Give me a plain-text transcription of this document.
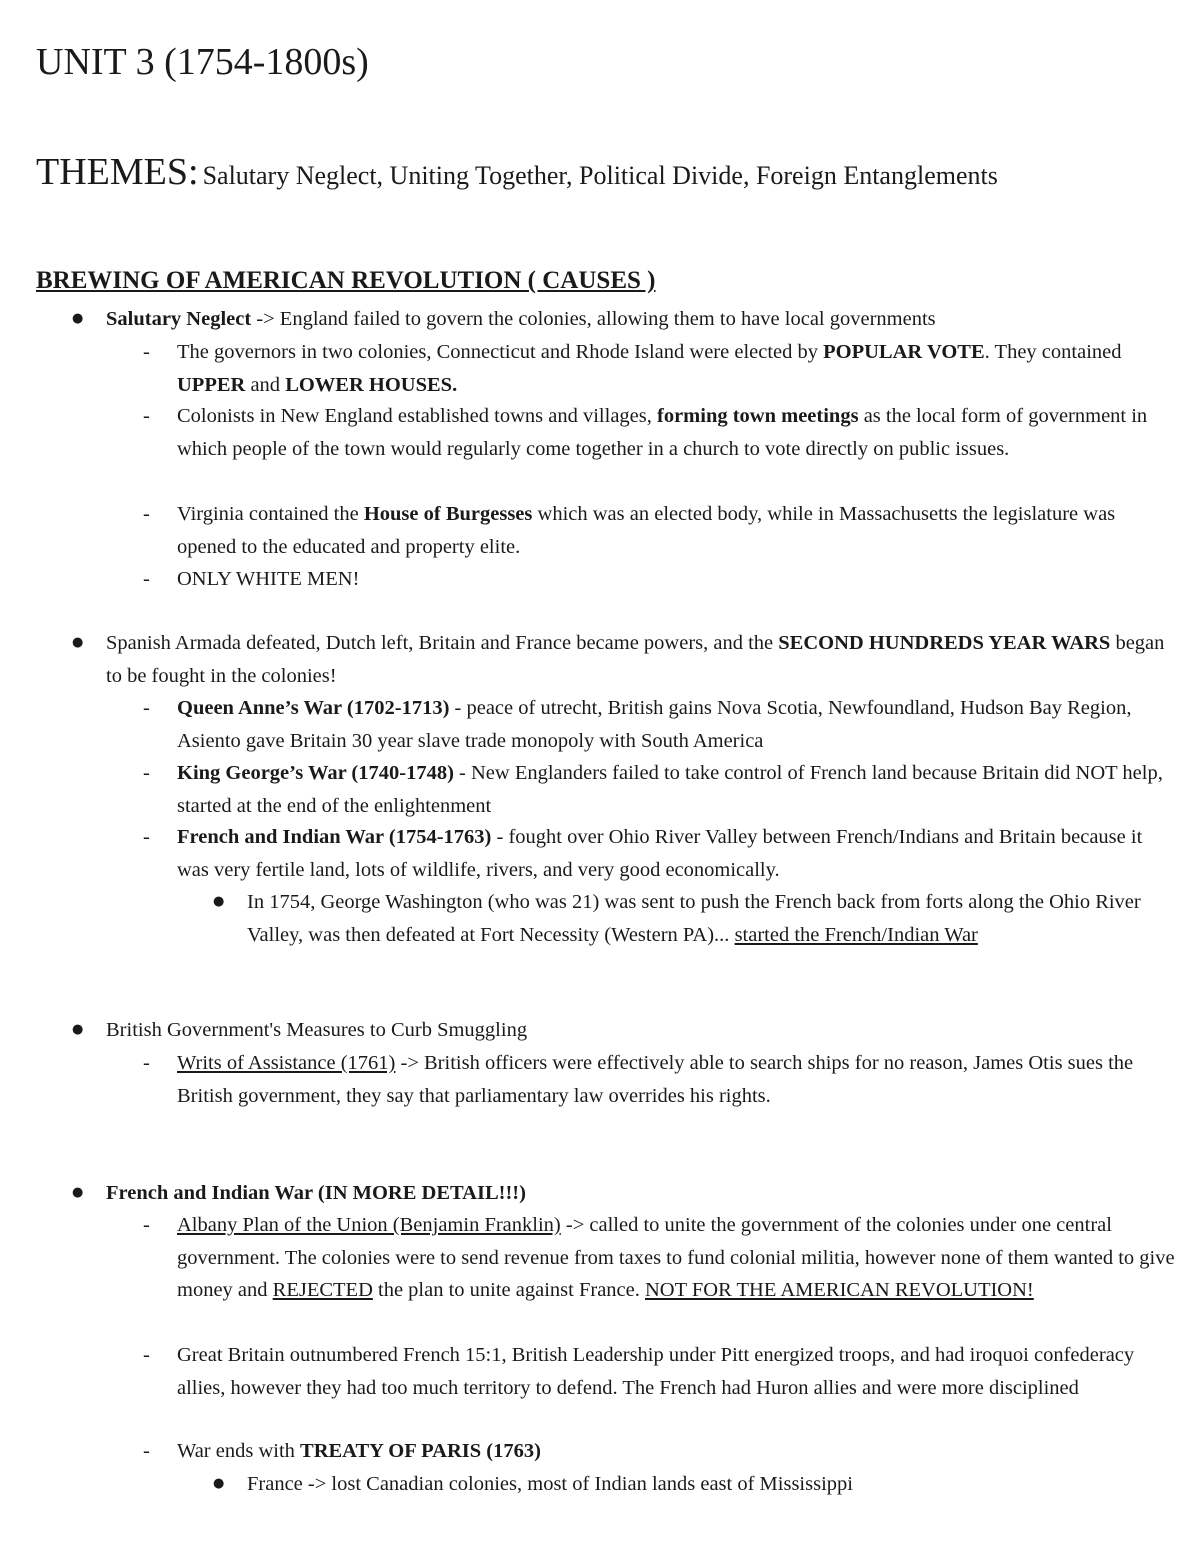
UNIT 3 (1754-1800s)
THEMES: Salutary Neglect, Uniting Together, Political Divide, Foreign Entanglements
BREWING OF AMERICAN REVOLUTION ( CAUSES )
● Salutary Neglect -> England failed to govern the colonies, allowing them to have local governments
- The governors in two colonies, Connecticut and Rhode Island were elected by POPULAR VOTE. They contained UPPER and LOWER HOUSES.
- Colonists in New England established towns and villages, forming town meetings as the local form of government in which people of the town would regularly come together in a church to vote directly on public issues.
- Virginia contained the House of Burgesses which was an elected body, while in Massachusetts the legislature was opened to the educated and property elite.
- ONLY WHITE MEN!
● Spanish Armada defeated, Dutch left, Britain and France became powers, and the SECOND HUNDREDS YEAR WARS began to be fought in the colonies!
- Queen Anne’s War (1702-1713) - peace of utrecht, British gains Nova Scotia, Newfoundland, Hudson Bay Region, Asiento gave Britain 30 year slave trade monopoly with South America
- King George’s War (1740-1748) - New Englanders failed to take control of French land because Britain did NOT help, started at the end of the enlightenment
- French and Indian War (1754-1763) - fought over Ohio River Valley between French/Indians and Britain because it was very fertile land, lots of wildlife, rivers, and very good economically.
● In 1754, George Washington (who was 21) was sent to push the French back from forts along the Ohio River Valley, was then defeated at Fort Necessity (Western PA)... started the French/Indian War
● British Government's Measures to Curb Smuggling
- Writs of Assistance (1761) -> British officers were effectively able to search ships for no reason, James Otis sues the British government, they say that parliamentary law overrides his rights.
● French and Indian War (IN MORE DETAIL!!!)
- Albany Plan of the Union (Benjamin Franklin) -> called to unite the government of the colonies under one central government. The colonies were to send revenue from taxes to fund colonial militia, however none of them wanted to give money and REJECTED the plan to unite against France. NOT FOR THE AMERICAN REVOLUTION!
- Great Britain outnumbered French 15:1, British Leadership under Pitt energized troops, and had iroquoi confederacy allies, however they had too much territory to defend. The French had Huron allies and were more disciplined
- War ends with TREATY OF PARIS (1763)
● France -> lost Canadian colonies, most of Indian lands east of Mississippi
